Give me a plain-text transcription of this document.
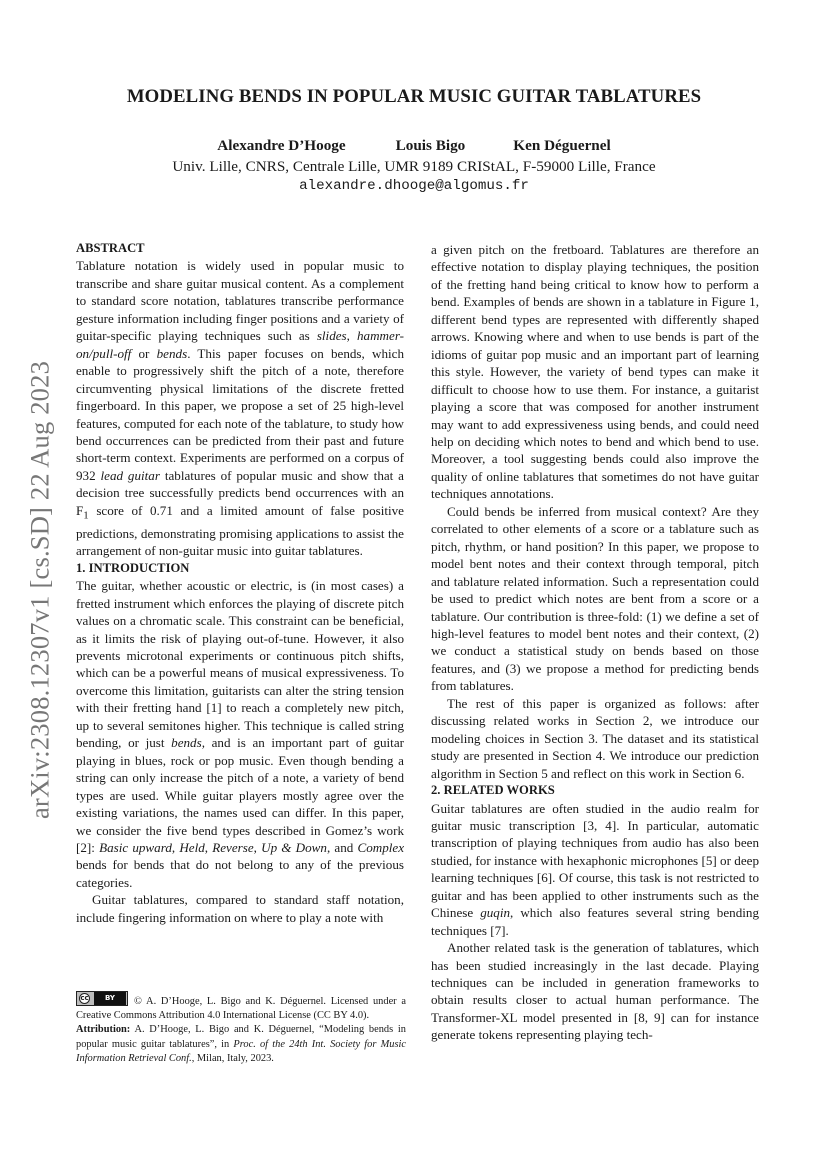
arXiv:2308.12307v1 [cs.SD] 22 Aug 2023
MODELING BENDS IN POPULAR MUSIC GUITAR TABLATURES
Alexandre D’Hooge	Louis Bigo	Ken Déguernel
Univ. Lille, CNRS, Centrale Lille, UMR 9189 CRIStAL, F-59000 Lille, France
alexandre.dhooge@algomus.fr

ABSTRACT

Tablature notation is widely used in popular music to transcribe and share guitar musical content. As a complement to standard score notation, tablatures transcribe performance gesture information including finger positions and a variety of guitar-specific playing techniques such as slides, hammer-on/pull-off or bends. This paper focuses on bends, which enable to progressively shift the pitch of a note, therefore circumventing physical limitations of the discrete fretted fingerboard. In this paper, we propose a set of 25 high-level features, computed for each note of the tablature, to study how bend occurrences can be predicted from their past and future short-term context. Experiments are performed on a corpus of 932 lead guitar tablatures of popular music and show that a decision tree successfully predicts bend occurrences with an $F_1$ score of 0.71 and a limited amount of false positive predictions, demonstrating promising applications to assist the arrangement of non-guitar music into guitar tablatures.

1. INTRODUCTION

The guitar, whether acoustic or electric, is (in most cases) a fretted instrument which enforces the playing of discrete pitch values on a chromatic scale. This constraint can be beneficial, as it limits the risk of playing out-of-tune. However, it also prevents microtonal experiments or continuous pitch shifts, which can be a powerful means of musical expressiveness. To overcome this limitation, guitarists can alter the string tension with their fretting hand [1] to reach a completely new pitch, up to several semitones higher. This technique is called string bending, or just bends, and is an important part of guitar playing in blues, rock or pop music. Even though bending a string can only increase the pitch of a note, a variety of bend types are used. While guitar players mostly agree over the existing variations, the names used can differ. In this paper, we consider the five bend types described in Gomez’s work [2]: Basic upward, Held, Reverse, Up & Down, and Complex bends for bends that do not belong to any of the previous categories.

Guitar tablatures, compared to standard staff notation, include fingering information on where to play a note with

a given pitch on the fretboard. Tablatures are therefore an effective notation to display playing techniques, the position of the fretting hand being critical to know how to perform a bend. Examples of bends are shown in a tablature in Figure 1, different bend types are represented with differently shaped arrows. Knowing where and when to use bends is part of the idioms of guitar pop music and an important part of learning this style. However, the variety of bend types can make it difficult to choose how to use them. For instance, a guitarist playing a score that was composed for another instrument may want to add expressiveness using bends, and could need help on deciding which notes to bend and which bend to use. Moreover, a tool suggesting bends could also improve the quality of online tablatures that sometimes do not have guitar techniques annotations.

Could bends be inferred from musical context? Are they correlated to other elements of a score or a tablature such as pitch, rhythm, or hand position? In this paper, we propose to model bent notes and their context through temporal, pitch and tablature related information. Such a representation could be used to predict which notes are bent from a score or a tablature. Our contribution is three-fold: (1) we define a set of high-level features to model bent notes and their context, (2) we conduct a statistical study on bends based on those features, and (3) we propose a method for predicting bends from tablatures.

The rest of this paper is organized as follows: after discussing related works in Section 2, we introduce our modeling choices in Section 3. The dataset and its statistical study are presented in Section 4. We introduce our prediction algorithm in Section 5 and reflect on this work in Section 6.

2. RELATED WORKS

Guitar tablatures are often studied in the audio realm for guitar music transcription [3, 4]. In particular, automatic transcription of playing techniques from audio has also been studied, for instance with hexaphonic microphones [5] or deep learning techniques [6]. Of course, this task is not restricted to guitar and has been applied to other instruments such as the Chinese guqin, which also features several string bending techniques [7].

Another related task is the generation of tablatures, which has been studied increasingly in the last decade. Playing techniques can be included in generation frameworks to obtain results closer to actual human performance. The Transformer-XL model presented in [8, 9] can for instance generate tokens representing playing tech-

cc	BY	© A. D’Hooge, L. Bigo and K. Déguernel. Licensed under a Creative Commons Attribution 4.0 International License (CC BY 4.0).

Attribution: A. D’Hooge, L. Bigo and K. Déguernel, “Modeling bends in popular music guitar tablatures”, in Proc. of the 24th Int. Society for Music Information Retrieval Conf., Milan, Italy, 2023.
